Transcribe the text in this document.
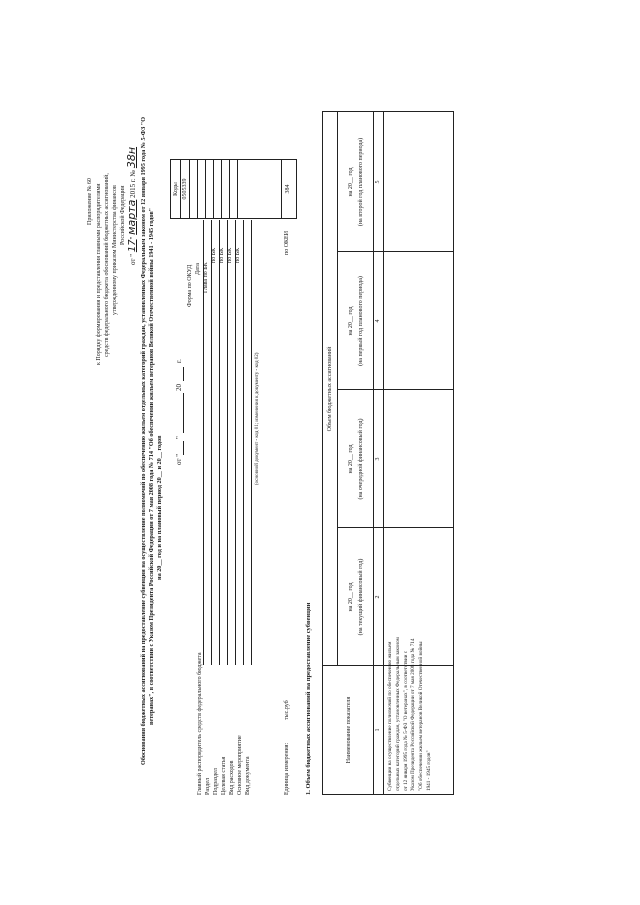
Приложение № 60 к Порядку формирования и представления главными распорядителями средств федерального бюджета обоснований бюджетных ассигнований, утвержденному приказом Министерства финансов Российской Федерации
от " 17" марта 2015 г. № 38н Обоснования бюджетных ассигнований на предоставление субвенции на осуществление полномочий по обеспечению жильем отдельных категорий граждан, установленных Федеральным законом от 12 января 1995 года № 5-ФЗ "О ветеранах", в соответствии с Указом Президента Российской Федерации от 7 мая 2008 года № 714 "Об обеспечении жильем ветеранов Великой Отечественной войны 1941 - 1945 годов" на 20__ год и на плановый период 20__ и 20__ годов от "
"
20
г.
Главный распорядитель средств федерального бюджета Раздел Подраздел Целевая статья Вид расходов Основное мероприятие Вид документа
(основной документ - код 01; изменения к документу - код 02)
Форма по ОКУД Дата Глава по БК
по БК по БК по БК по БК
Коды 0505339	384
Единица измерения:
тыс.руб
по ОКЕИ
1. Объем бюджетных ассигнований на предоставление субвенции	Наименование показателя
Объем бюджетных ассигнований
на 20__ год (на текущий финансовый год)
на 20__ год (на очередной финансовый год)
на 20__ год (на первый год планового периода)
на 20__ год (на второй год планового периода)
1
2
3
4
5
Субвенции на осуществление полномочий по обеспечению жильем отдельных категорий граждан, установленных Федеральным законом от 12 января 1995 года № 5-ФЗ "О ветеранах", в соответствии с Указом Президента Российской Федерации от 7 мая 2008 года № 714 "Об обеспечении жильем ветеранов Великой Отечественной войны 1941 - 1945 годов"
